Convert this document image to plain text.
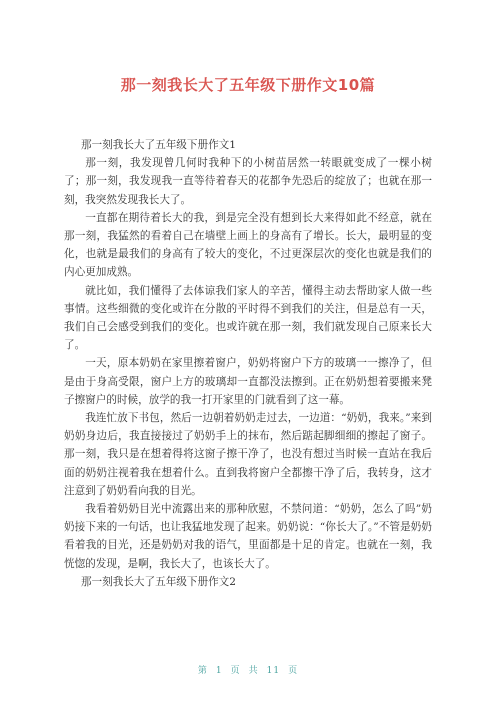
那一刻我长大了五年级下册作文10篇

那一刻我长大了五年级下册作文1

那一刻，我发现曾几何时我种下的小树苗居然一转眼就变成了一棵小树了；那一刻，我发现我一直等待着春天的花都争先恐后的绽放了；也就在那一刻，我突然发现我长大了。

一直都在期待着长大的我，到是完全没有想到长大来得如此不经意，就在那一刻，我猛然的看着自己在墙壁上画上的身高有了增长。长大，最明显的变化，也就是最我们的身高有了较大的变化，不过更深层次的变化也就是我们的内心更加成熟。

就比如，我们懂得了去体谅我们家人的辛苦，懂得主动去帮助家人做一些事情。这些细微的变化或许在分散的平时得不到我们的关注，但是总有一天，我们自己会感受到我们的变化。也或许就在那一刻，我们就发现自己原来长大了。

一天，原本奶奶在家里擦着窗户，奶奶将窗户下方的玻璃一一擦净了，但是由于身高受限，窗户上方的玻璃却一直都没法擦到。正在奶奶想着要搬来凳子擦窗户的时候，放学的我一打开家里的门就看到了这一幕。

我连忙放下书包，然后一边朝着奶奶走过去，一边道：“奶奶，我来。”来到奶奶身边后，我直接接过了奶奶手上的抹布，然后踮起脚细细的擦起了窗子。那一刻，我只是在想着得将这窗子擦干净了，也没有想过当时候一直站在我后面的奶奶注视着我在想着什么。直到我将窗户全都擦干净了后，我转身，这才注意到了奶奶看向我的目光。

我看着奶奶目光中流露出来的那种欣慰，不禁问道：“奶奶，怎么了吗”奶奶接下来的一句话，也让我猛地发现了起来。奶奶说：“你长大了。”不管是奶奶看着我的目光，还是奶奶对我的语气，里面都是十足的肯定。也就在一刻，我恍惚的发现，是啊，我长大了，也该长大了。

那一刻我长大了五年级下册作文2

第 1 页 共 11 页
